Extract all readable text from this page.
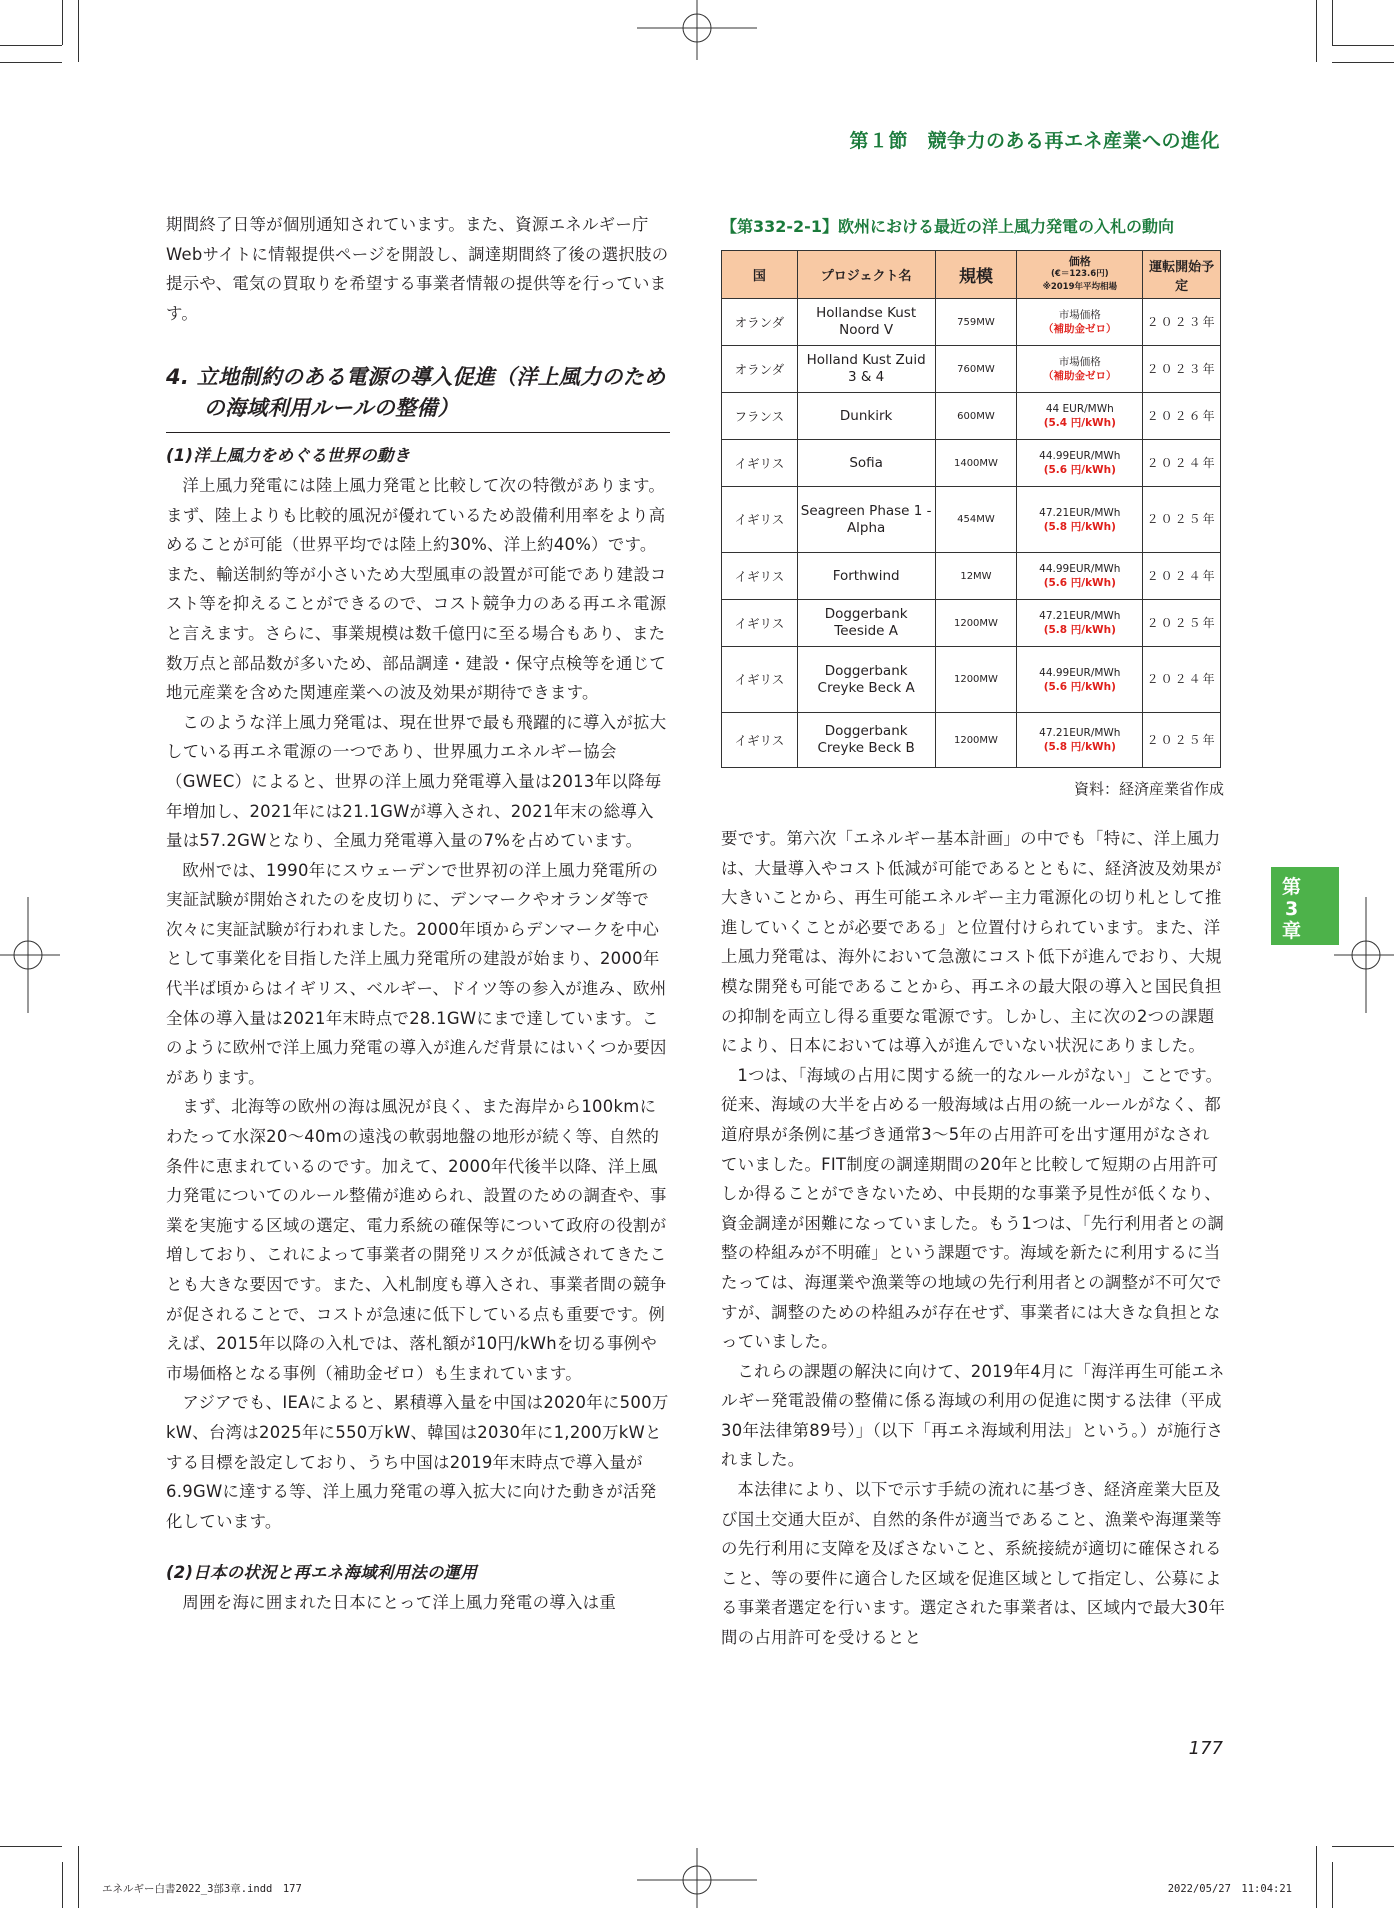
第１節　競争力のある再エネ産業への進化

期間終了日等が個別通知されています。また、資源エネルギー庁Webサイトに情報提供ページを開設し、調達期間終了後の選択肢の提示や、電気の買取りを希望する事業者情報の提供等を行っています。

4. 立地制約のある電源の導入促進（洋上風力のための海域利用ルールの整備）
(1)洋上風力をめぐる世界の動き

洋上風力発電には陸上風力発電と比較して次の特徴があります。まず、陸上よりも比較的風況が優れているため設備利用率をより高めることが可能（世界平均では陸上約30%、洋上約40%）です。また、輸送制約等が小さいため大型風車の設置が可能であり建設コスト等を抑えることができるので、コスト競争力のある再エネ電源と言えます。さらに、事業規模は数千億円に至る場合もあり、また数万点と部品数が多いため、部品調達・建設・保守点検等を通じて地元産業を含めた関連産業への波及効果が期待できます。

このような洋上風力発電は、現在世界で最も飛躍的に導入が拡大している再エネ電源の一つであり、世界風力エネルギー協会（GWEC）によると、世界の洋上風力発電導入量は2013年以降毎年増加し、2021年には21.1GWが導入され、2021年末の総導入量は57.2GWとなり、全風力発電導入量の7%を占めています。

欧州では、1990年にスウェーデンで世界初の洋上風力発電所の実証試験が開始されたのを皮切りに、デンマークやオランダ等で次々に実証試験が行われました。2000年頃からデンマークを中心として事業化を目指した洋上風力発電所の建設が始まり、2000年代半ば頃からはイギリス、ベルギー、ドイツ等の参入が進み、欧州全体の導入量は2021年末時点で28.1GWにまで達しています。このように欧州で洋上風力発電の導入が進んだ背景にはいくつか要因があります。

まず、北海等の欧州の海は風況が良く、また海岸から100kmにわたって水深20～40mの遠浅の軟弱地盤の地形が続く等、自然的条件に恵まれているのです。加えて、2000年代後半以降、洋上風力発電についてのルール整備が進められ、設置のための調査や、事業を実施する区域の選定、電力系統の確保等について政府の役割が増しており、これによって事業者の開発リスクが低減されてきたことも大きな要因です。また、入札制度も導入され、事業者間の競争が促されることで、コストが急速に低下している点も重要です。例えば、2015年以降の入札では、落札額が10円/kWhを切る事例や市場価格となる事例（補助金ゼロ）も生まれています。

アジアでも、IEAによると、累積導入量を中国は2020年に500万kW、台湾は2025年に550万kW、韓国は2030年に1,200万kWとする目標を設定しており、うち中国は2019年末時点で導入量が6.9GWに達する等、洋上風力発電の導入拡大に向けた動きが活発化しています。

(2)日本の状況と再エネ海域利用法の運用

周囲を海に囲まれた日本にとって洋上風力発電の導入は重

【第332-2-1】欧州における最近の洋上風力発電の入札の動向
国	プロジェクト名	規模	価格
(€＝123.6円)
※2019年平均相場	運転開始予定
オランダ	Hollandse Kust Noord V	759MW	市場価格
（補助金ゼロ）	２０２３年
オランダ	Holland Kust Zuid 3 & 4	760MW	市場価格
（補助金ゼロ）	２０２３年
フランス	Dunkirk	600MW	44 EUR/MWh
(5.4 円/kWh)	２０２６年
イギリス	Sofia	1400MW	44.99EUR/MWh
(5.6 円/kWh)	２０２４年
イギリス	Seagreen Phase 1 - Alpha	454MW	47.21EUR/MWh
(5.8 円/kWh)	２０２５年
イギリス	Forthwind	12MW	44.99EUR/MWh
(5.6 円/kWh)	２０２４年
イギリス	Doggerbank Teeside A	1200MW	47.21EUR/MWh
(5.8 円/kWh)	２０２５年
イギリス	Doggerbank Creyke Beck A	1200MW	44.99EUR/MWh
(5.6 円/kWh)	２０２４年
イギリス	Doggerbank Creyke Beck B	1200MW	47.21EUR/MWh
(5.8 円/kWh)	２０２５年
資料：経済産業省作成

要です。第六次「エネルギー基本計画」の中でも「特に、洋上風力は、大量導入やコスト低減が可能であるとともに、経済波及効果が大きいことから、再生可能エネルギー主力電源化の切り札として推進していくことが必要である」と位置付けられています。また、洋上風力発電は、海外において急激にコスト低下が進んでおり、大規模な開発も可能であることから、再エネの最大限の導入と国民負担の抑制を両立し得る重要な電源です。しかし、主に次の2つの課題により、日本においては導入が進んでいない状況にありました。

1つは、「海域の占用に関する統一的なルールがない」ことです。従来、海域の大半を占める一般海域は占用の統一ルールがなく、都道府県が条例に基づき通常3～5年の占用許可を出す運用がなされていました。FIT制度の調達期間の20年と比較して短期の占用許可しか得ることができないため、中長期的な事業予見性が低くなり、資金調達が困難になっていました。もう1つは、「先行利用者との調整の枠組みが不明確」という課題です。海域を新たに利用するに当たっては、海運業や漁業等の地域の先行利用者との調整が不可欠ですが、調整のための枠組みが存在せず、事業者には大きな負担となっていました。

これらの課題の解決に向けて、2019年4月に「海洋再生可能エネルギー発電設備の整備に係る海域の利用の促進に関する法律（平成30年法律第89号）」（以下「再エネ海域利用法」という。）が施行されました。

本法律により、以下で示す手続の流れに基づき、経済産業大臣及び国土交通大臣が、自然的条件が適当であること、漁業や海運業等の先行利用に支障を及ぼさないこと、系統接続が適切に確保されること、等の要件に適合した区域を促進区域として指定し、公募による事業者選定を行います。選定された事業者は、区域内で最大30年間の占用許可を受けるとと

第
3
章
177
エネルギー白書2022_3部3章.indd　177	2022/05/27　11:04:21
